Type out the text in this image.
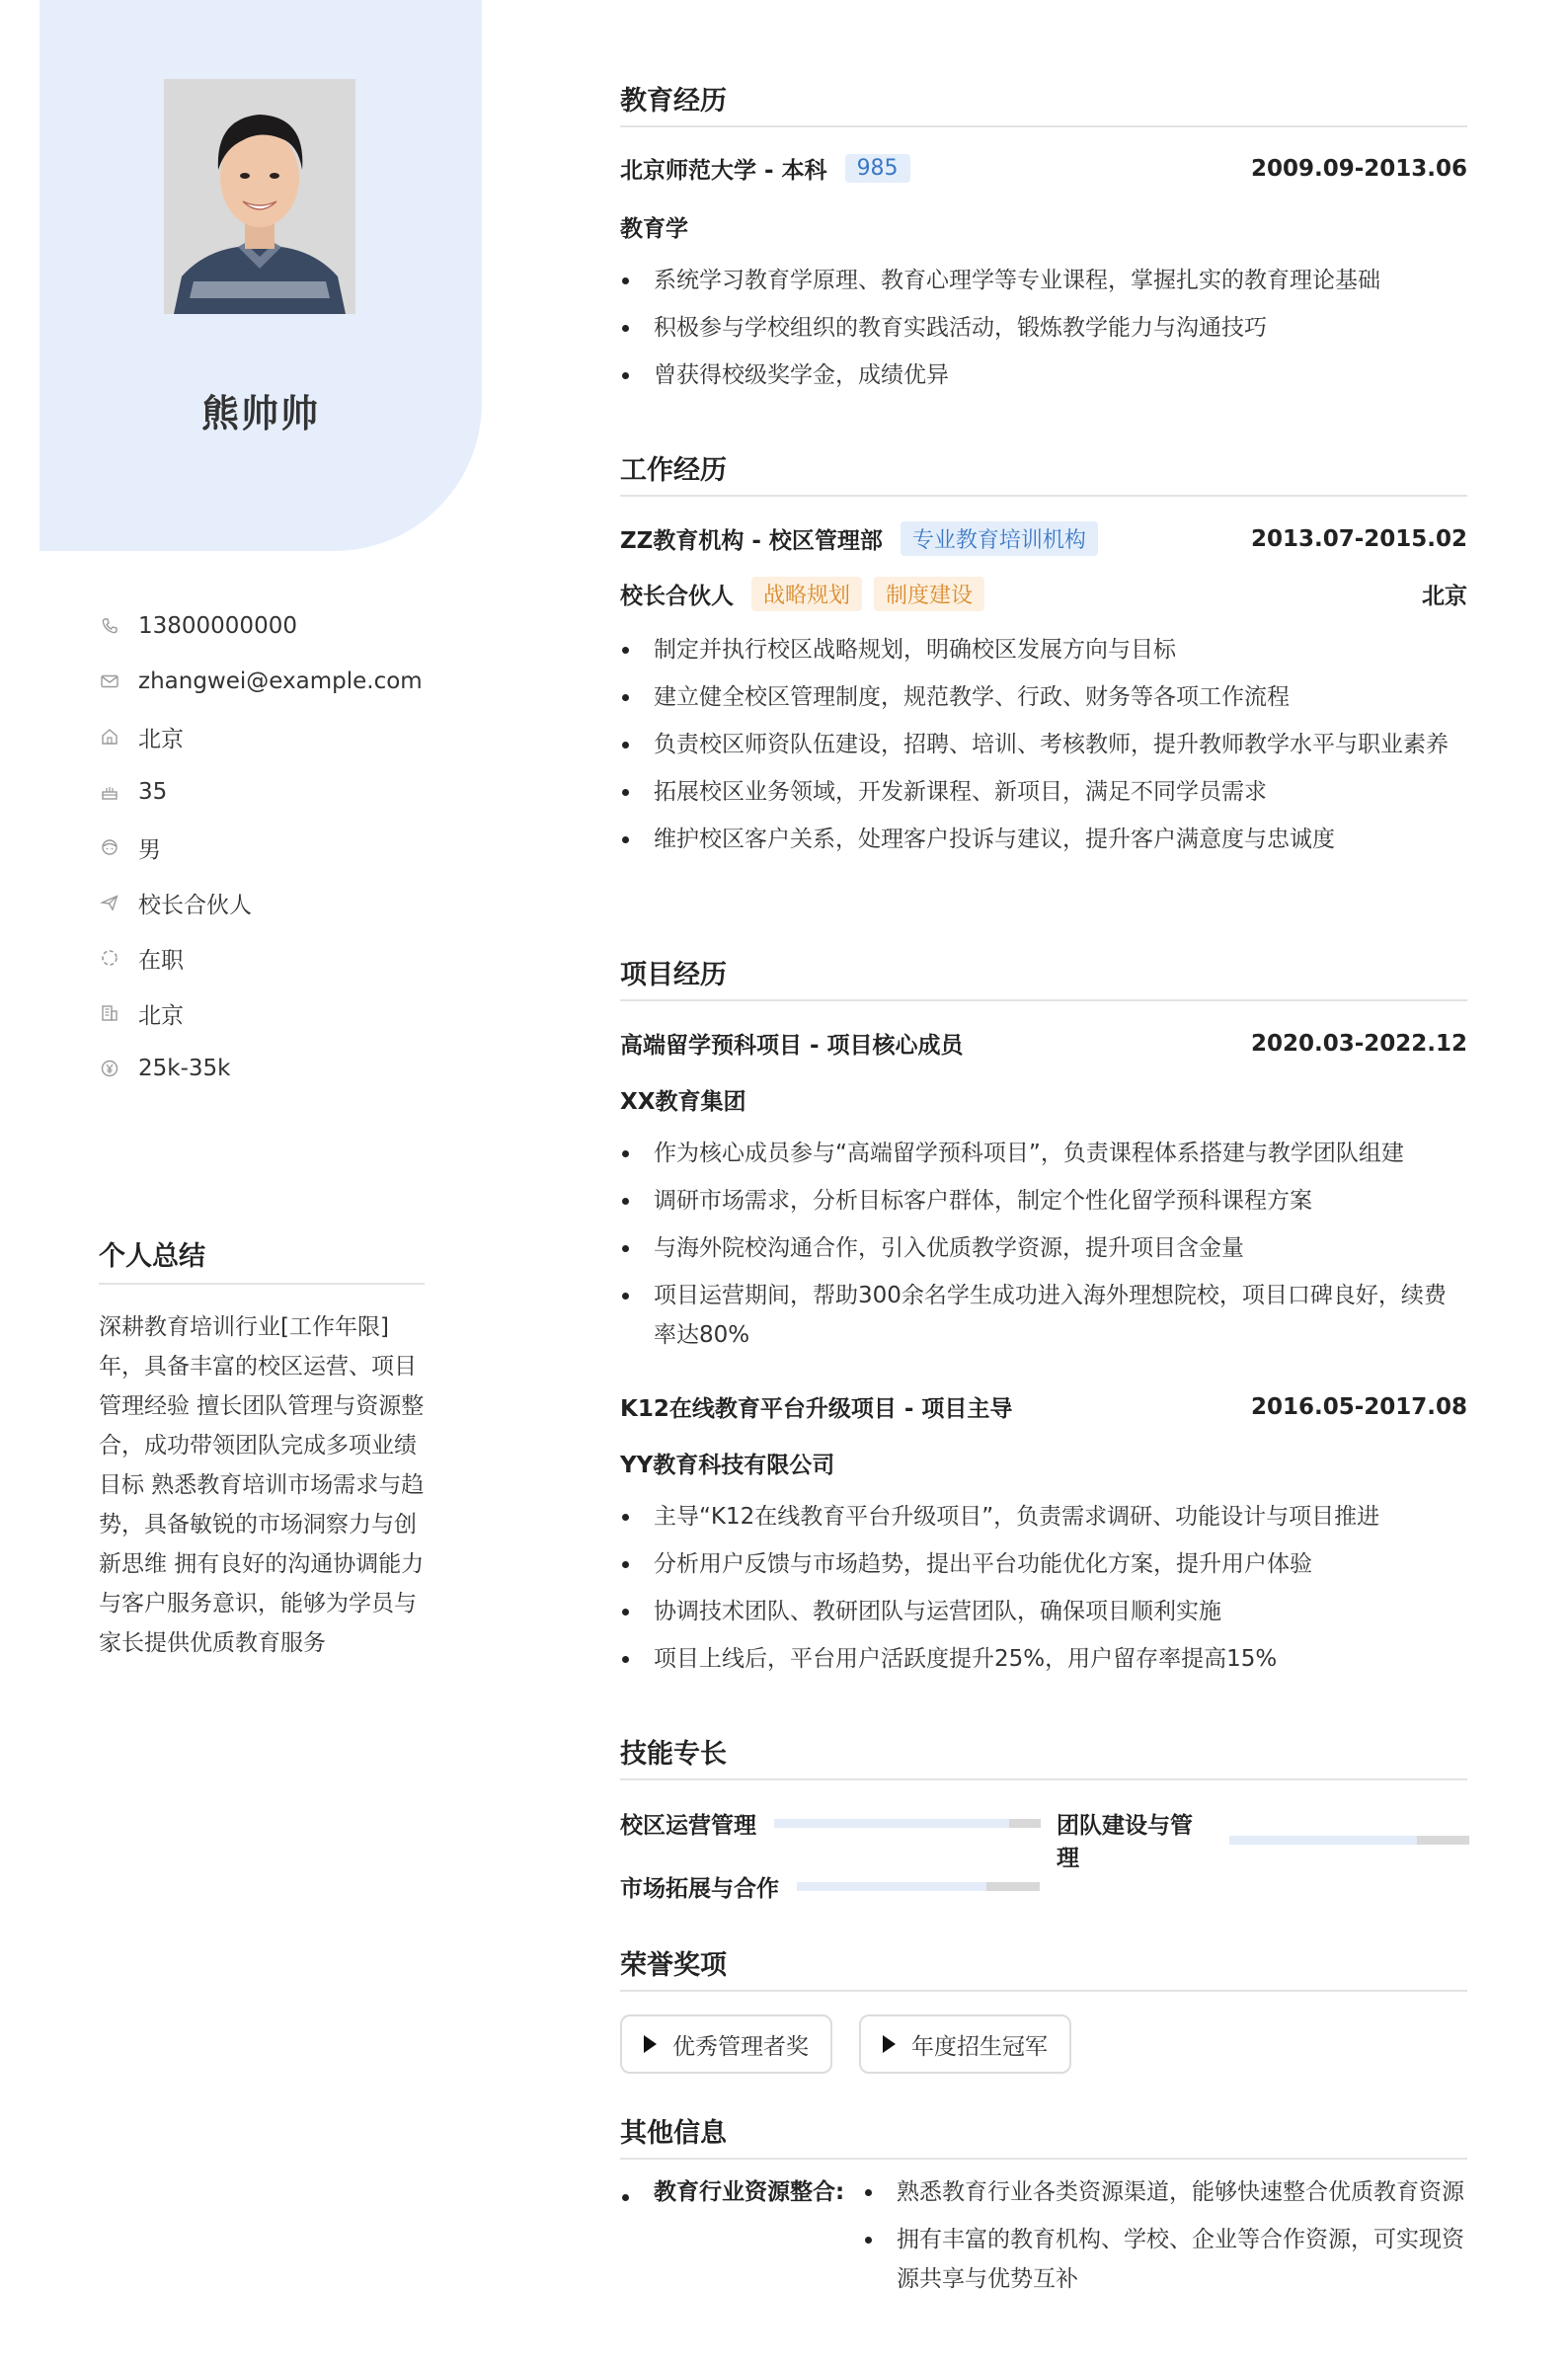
熊帅帅
13800000000
zhangwei@example.com
北京
35
男
校长合伙人
在职
北京
25k-35k
个人总结
深耕教育培训行业[工作年限]年，具备丰富的校区运营、项目管理经验 擅长团队管理与资源整合，成功带领团队完成多项业绩目标 熟悉教育培训市场需求与趋势，具备敏锐的市场洞察力与创新思维 拥有良好的沟通协调能力与客户服务意识，能够为学员与家长提供优质教育服务
教育经历
北京师范大学 - 本科	985	2009.09-2013.06
教育学
系统学习教育学原理、教育心理学等专业课程，掌握扎实的教育理论基础
积极参与学校组织的教育实践活动，锻炼教学能力与沟通技巧
曾获得校级奖学金，成绩优异
工作经历
ZZ教育机构 - 校区管理部	专业教育培训机构	2013.07-2015.02
校长合伙人	战略规划	制度建设	北京
制定并执行校区战略规划，明确校区发展方向与目标
建立健全校区管理制度，规范教学、行政、财务等各项工作流程
负责校区师资队伍建设，招聘、培训、考核教师，提升教师教学水平与职业素养
拓展校区业务领域，开发新课程、新项目，满足不同学员需求
维护校区客户关系，处理客户投诉与建议，提升客户满意度与忠诚度
项目经历
高端留学预科项目 - 项目核心成员	2020.03-2022.12
XX教育集团
作为核心成员参与“高端留学预科项目”，负责课程体系搭建与教学团队组建
调研市场需求，分析目标客户群体，制定个性化留学预科课程方案
与海外院校沟通合作，引入优质教学资源，提升项目含金量
项目运营期间，帮助300余名学生成功进入海外理想院校，项目口碑良好，续费率达80%
K12在线教育平台升级项目 - 项目主导	2016.05-2017.08
YY教育科技有限公司
主导“K12在线教育平台升级项目”，负责需求调研、功能设计与项目推进
分析用户反馈与市场趋势，提出平台功能优化方案，提升用户体验
协调技术团队、教研团队与运营团队，确保项目顺利实施
项目上线后，平台用户活跃度提升25%，用户留存率提高15%
技能专长
校区运营管理	团队建设与管理
市场拓展与合作
荣誉奖项
优秀管理者奖	年度招生冠军
其他信息
教育行业资源整合:	熟悉教育行业各类资源渠道，能够快速整合优质教育资源
拥有丰富的教育机构、学校、企业等合作资源，可实现资源共享与优势互补
